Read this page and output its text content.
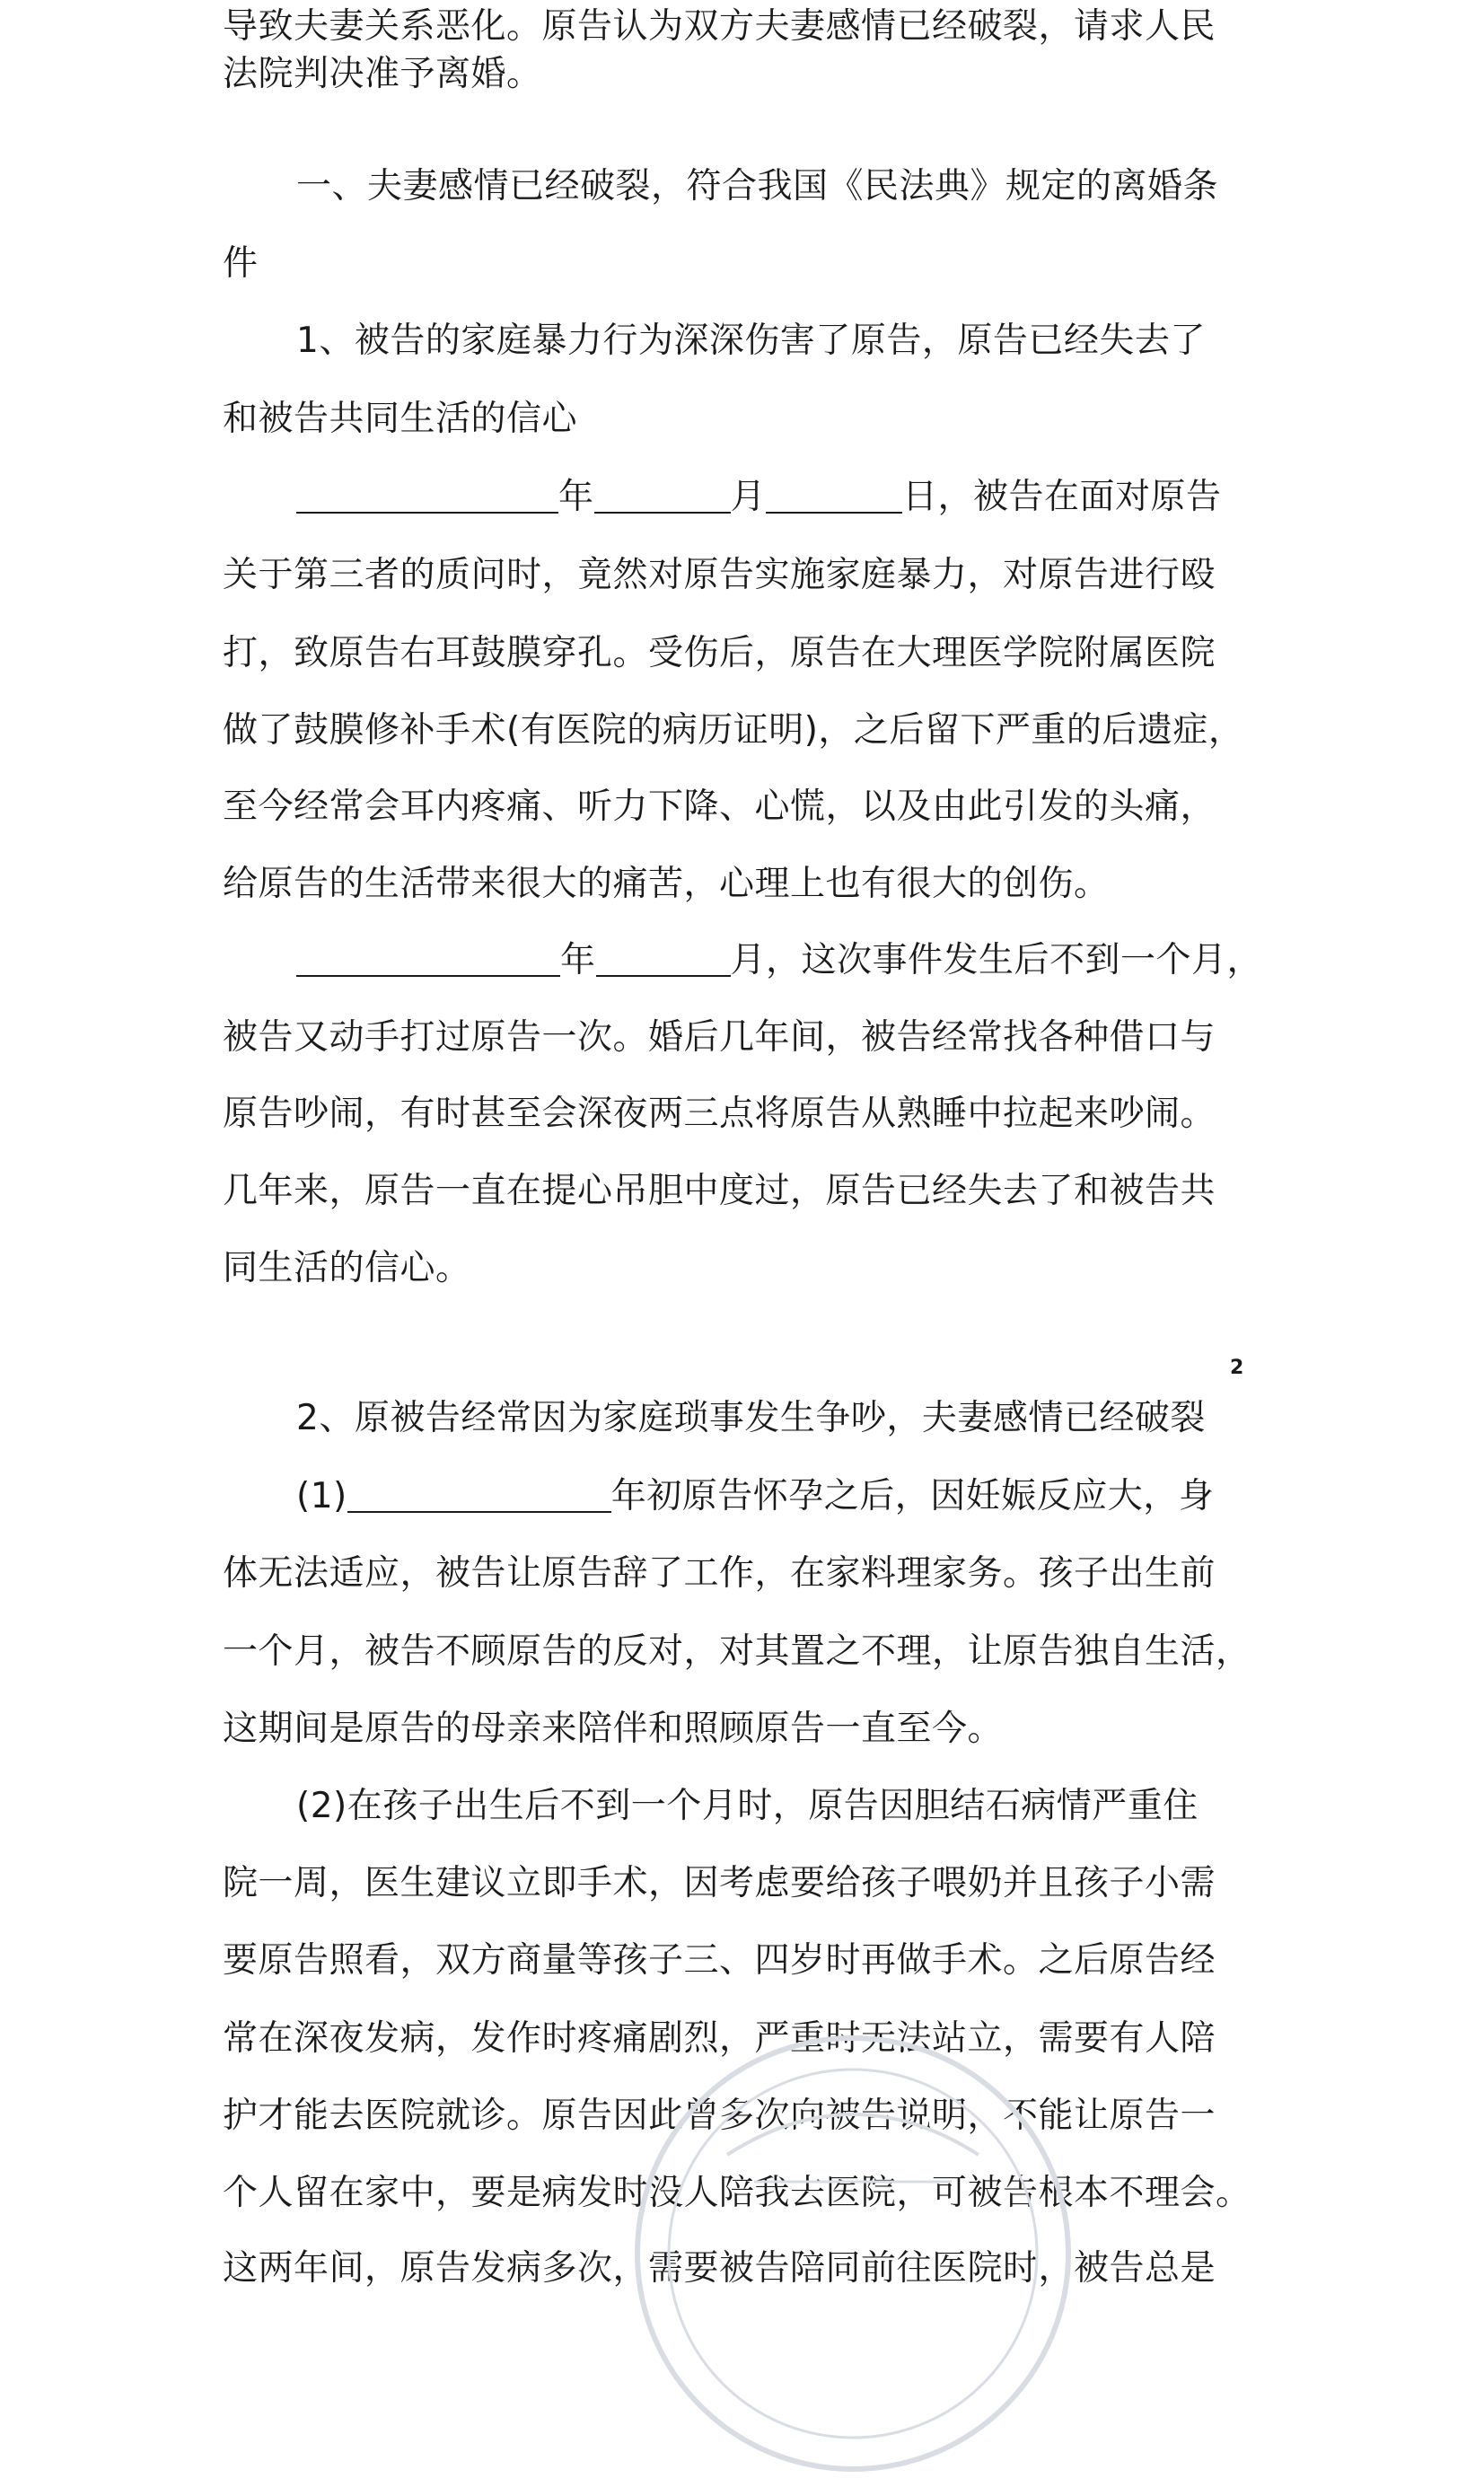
导致夫妻关系恶化。原告认为双方夫妻感情已经破裂，请求人民
法院判决准予离婚。
一、夫妻感情已经破裂，符合我国《民法典》规定的离婚条
件
1、被告的家庭暴力行为深深伤害了原告，原告已经失去了
和被告共同生活的信心
年	月	日，被告在面对原告
关于第三者的质问时，竟然对原告实施家庭暴力，对原告进行殴
打，致原告右耳鼓膜穿孔。受伤后，原告在大理医学院附属医院
做了鼓膜修补手术(有医院的病历证明)，之后留下严重的后遗症，
至今经常会耳内疼痛、听力下降、心慌，以及由此引发的头痛，
给原告的生活带来很大的痛苦，心理上也有很大的创伤。
年	月，这次事件发生后不到一个月，
被告又动手打过原告一次。婚后几年间，被告经常找各种借口与
原告吵闹，有时甚至会深夜两三点将原告从熟睡中拉起来吵闹。
几年来，原告一直在提心吊胆中度过，原告已经失去了和被告共
同生活的信心。
2
2、原被告经常因为家庭琐事发生争吵，夫妻感情已经破裂
(1)	年初原告怀孕之后，因妊娠反应大，身
体无法适应，被告让原告辞了工作，在家料理家务。孩子出生前
一个月，被告不顾原告的反对，对其置之不理，让原告独自生活，
这期间是原告的母亲来陪伴和照顾原告一直至今。
(2)在孩子出生后不到一个月时，原告因胆结石病情严重住
院一周，医生建议立即手术，因考虑要给孩子喂奶并且孩子小需
要原告照看，双方商量等孩子三、四岁时再做手术。之后原告经
常在深夜发病，发作时疼痛剧烈，严重时无法站立，需要有人陪
护才能去医院就诊。原告因此曾多次向被告说明，不能让原告一
个人留在家中，要是病发时没人陪我去医院，可被告根本不理会。
这两年间，原告发病多次，需要被告陪同前往医院时，被告总是
